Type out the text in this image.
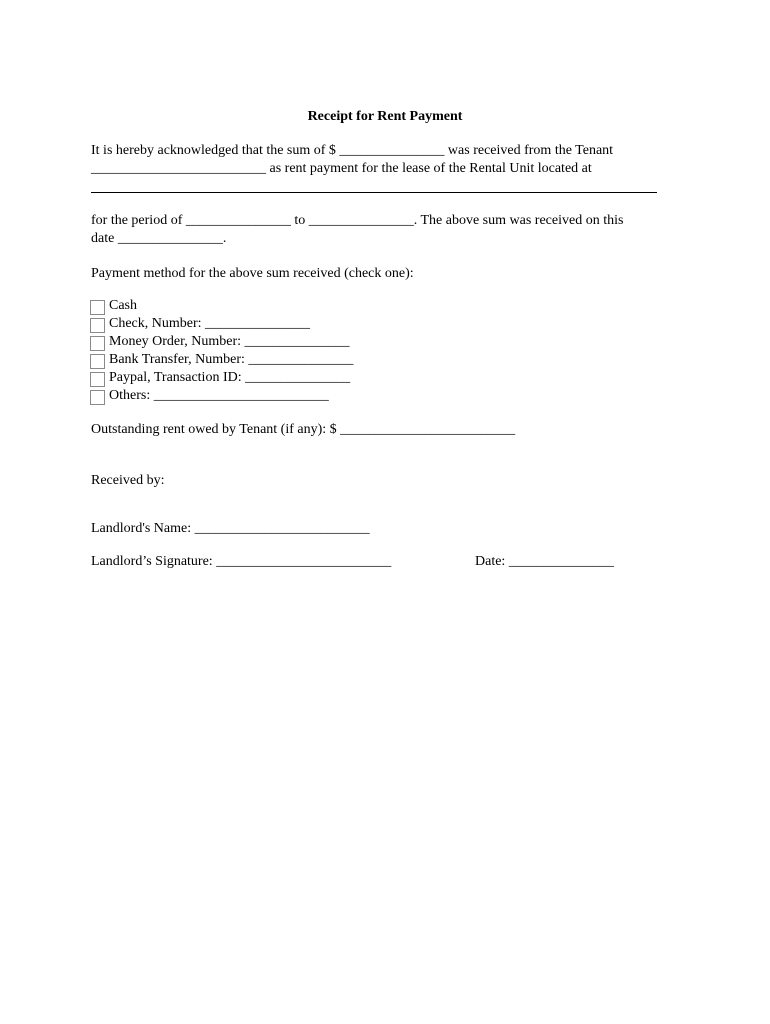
Receipt for Rent Payment
It is hereby acknowledged that the sum of $ _______________ was received from the Tenant
_________________________ as rent payment for the lease of the Rental Unit located at
for the period of _______________ to _______________. The above sum was received on this
date _______________.
Payment method for the above sum received (check one):
Cash
Check, Number: _______________
Money Order, Number: _______________
Bank Transfer, Number: _______________
Paypal, Transaction ID: _______________
Others: _________________________
Outstanding rent owed by Tenant (if any): $ _________________________
Received by:
Landlord's Name: _________________________
Landlord’s Signature: _________________________	Date: _______________
